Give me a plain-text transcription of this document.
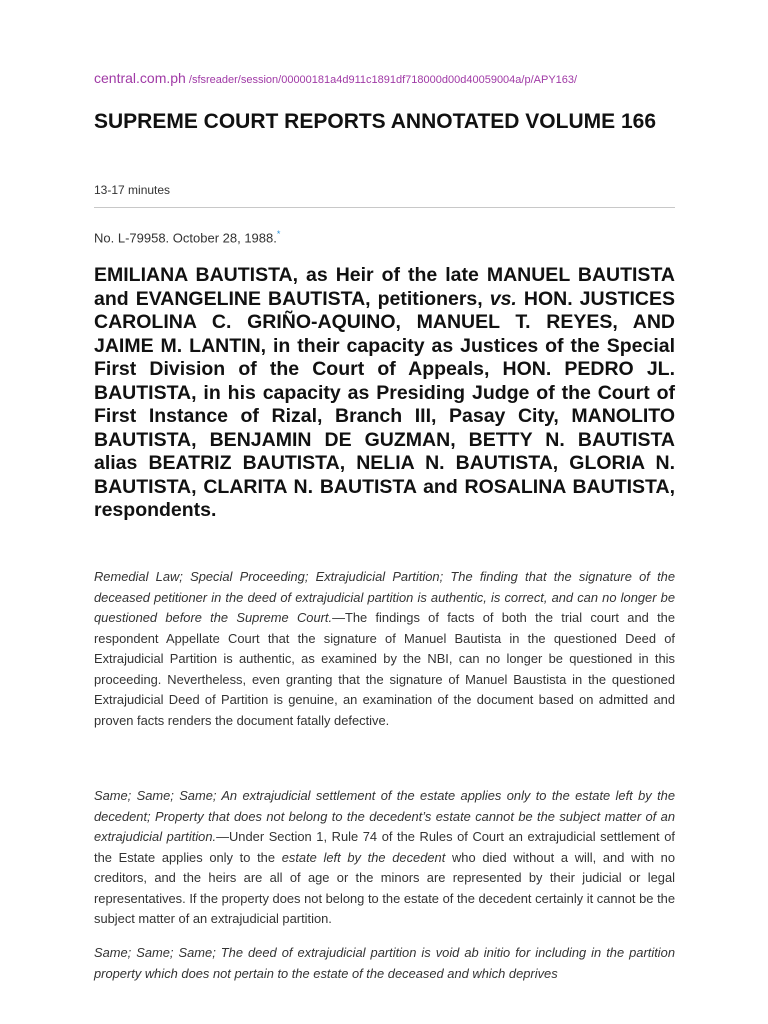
central.com.ph /sfsreader/session/00000181a4d911c1891df718000d00d40059004a/p/APY163/
SUPREME COURT REPORTS ANNOTATED VOLUME 166
13-17 minutes
No. L-79958. October 28, 1988.*

EMILIANA BAUTISTA, as Heir of the late MANUEL BAUTISTA and EVANGELINE BAUTISTA, petitioners, vs. HON. JUSTICES CAROLINA C. GRIÑO-AQUINO, MANUEL T. REYES, AND JAIME M. LANTIN, in their capacity as Justices of the Special First Division of the Court of Appeals, HON. PEDRO JL. BAUTISTA, in his capacity as Presiding Judge of the Court of First Instance of Rizal, Branch III, Pasay City, MANOLITO BAUTISTA, BENJAMIN DE GUZMAN, BETTY N. BAUTISTA alias BEATRIZ BAUTISTA, NELIA N. BAUTISTA, GLORIA N. BAUTISTA, CLARITA N. BAUTISTA and ROSALINA BAUTISTA, respondents.

Remedial Law; Special Proceeding; Extrajudicial Partition; The finding that the signature of the deceased petitioner in the deed of extrajudicial partition is authentic, is correct, and can no longer be questioned before the Supreme Court.—The findings of facts of both the trial court and the respondent Appellate Court that the signature of Manuel Bautista in the questioned Deed of Extrajudicial Partition is authentic, as examined by the NBI, can no longer be questioned in this proceeding. Nevertheless, even granting that the signature of Manuel Baustista in the questioned Extrajudicial Deed of Partition is genuine, an examination of the document based on admitted and proven facts renders the document fatally defective.

Same; Same; Same; An extrajudicial settlement of the estate applies only to the estate left by the decedent; Property that does not belong to the decedent’s estate cannot be the subject matter of an extrajudicial partition.—Under Section 1, Rule 74 of the Rules of Court an extrajudicial settlement of the Estate applies only to the estate left by the decedent who died without a will, and with no creditors, and the heirs are all of age or the minors are represented by their judicial or legal representatives. If the property does not belong to the estate of the decedent certainly it cannot be the subject matter of an extrajudicial partition.

Same; Same; Same; The deed of extrajudicial partition is void ab initio for including in the partition property which does not pertain to the estate of the deceased and which deprives
